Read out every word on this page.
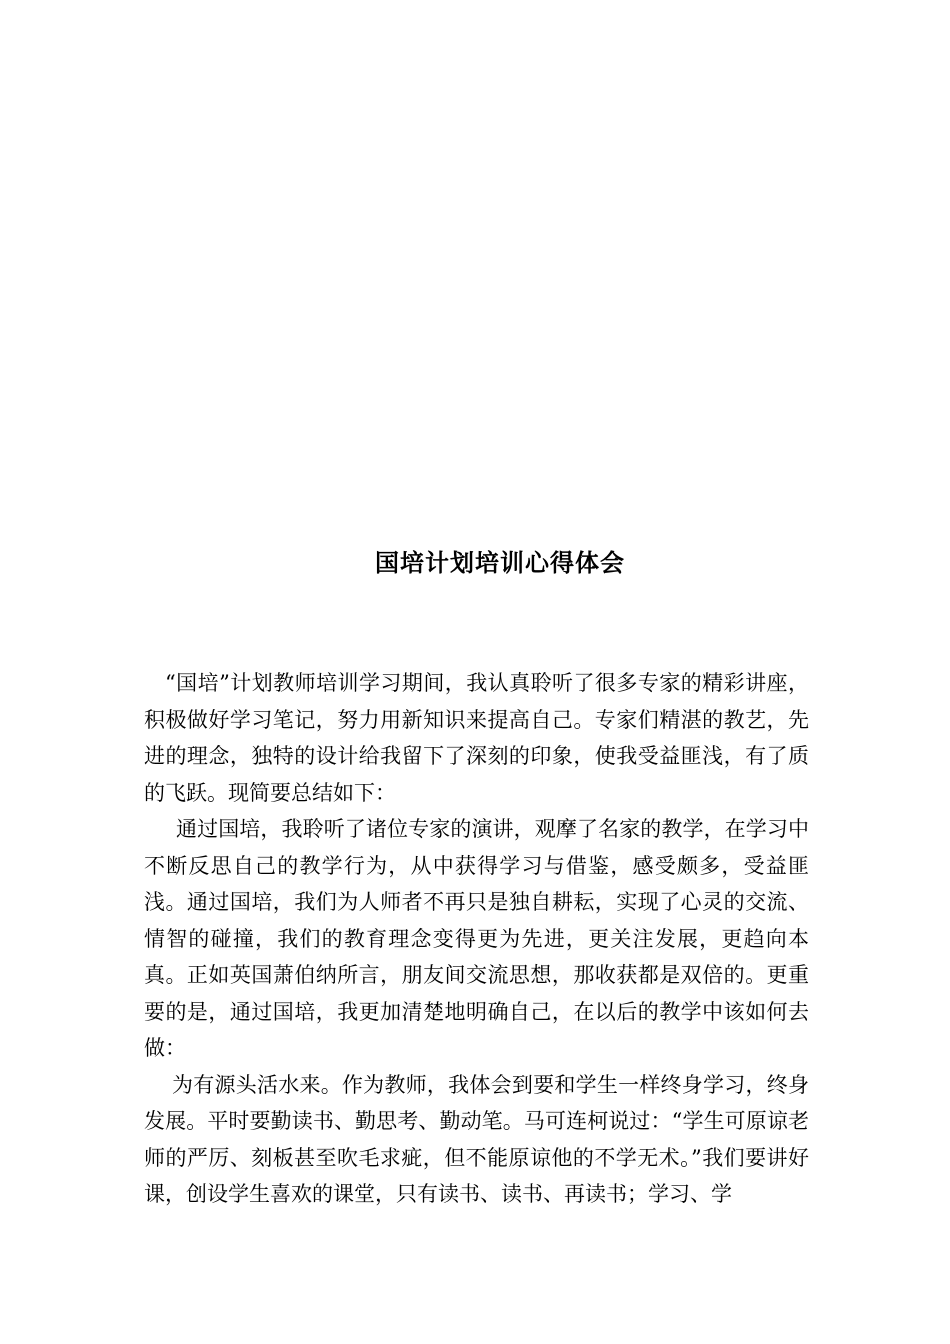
国培计划培训心得体会

“国培”计划教师培训学习期间，我认真聆听了很多专家的精彩讲座，积极做好学习笔记，努力用新知识来提高自己。专家们精湛的教艺，先进的理念，独特的设计给我留下了深刻的印象，使我受益匪浅，有了质的飞跃。现简要总结如下：

通过国培，我聆听了诸位专家的演讲，观摩了名家的教学，在学习中不断反思自己的教学行为，从中获得学习与借鉴，感受颇多，受益匪浅。通过国培，我们为人师者不再只是独自耕耘，实现了心灵的交流、情智的碰撞，我们的教育理念变得更为先进，更关注发展，更趋向本真。正如英国萧伯纳所言，朋友间交流思想，那收获都是双倍的。更重要的是，通过国培，我更加清楚地明确自己，在以后的教学中该如何去做：

为有源头活水来。作为教师，我体会到要和学生一样终身学习，终身发展。平时要勤读书、勤思考、勤动笔。马可连柯说过：“学生可原谅老师的严厉、刻板甚至吹毛求疵，但不能原谅他的不学无术。”我们要讲好课，创设学生喜欢的课堂，只有读书、读书、再读书；学习、学
